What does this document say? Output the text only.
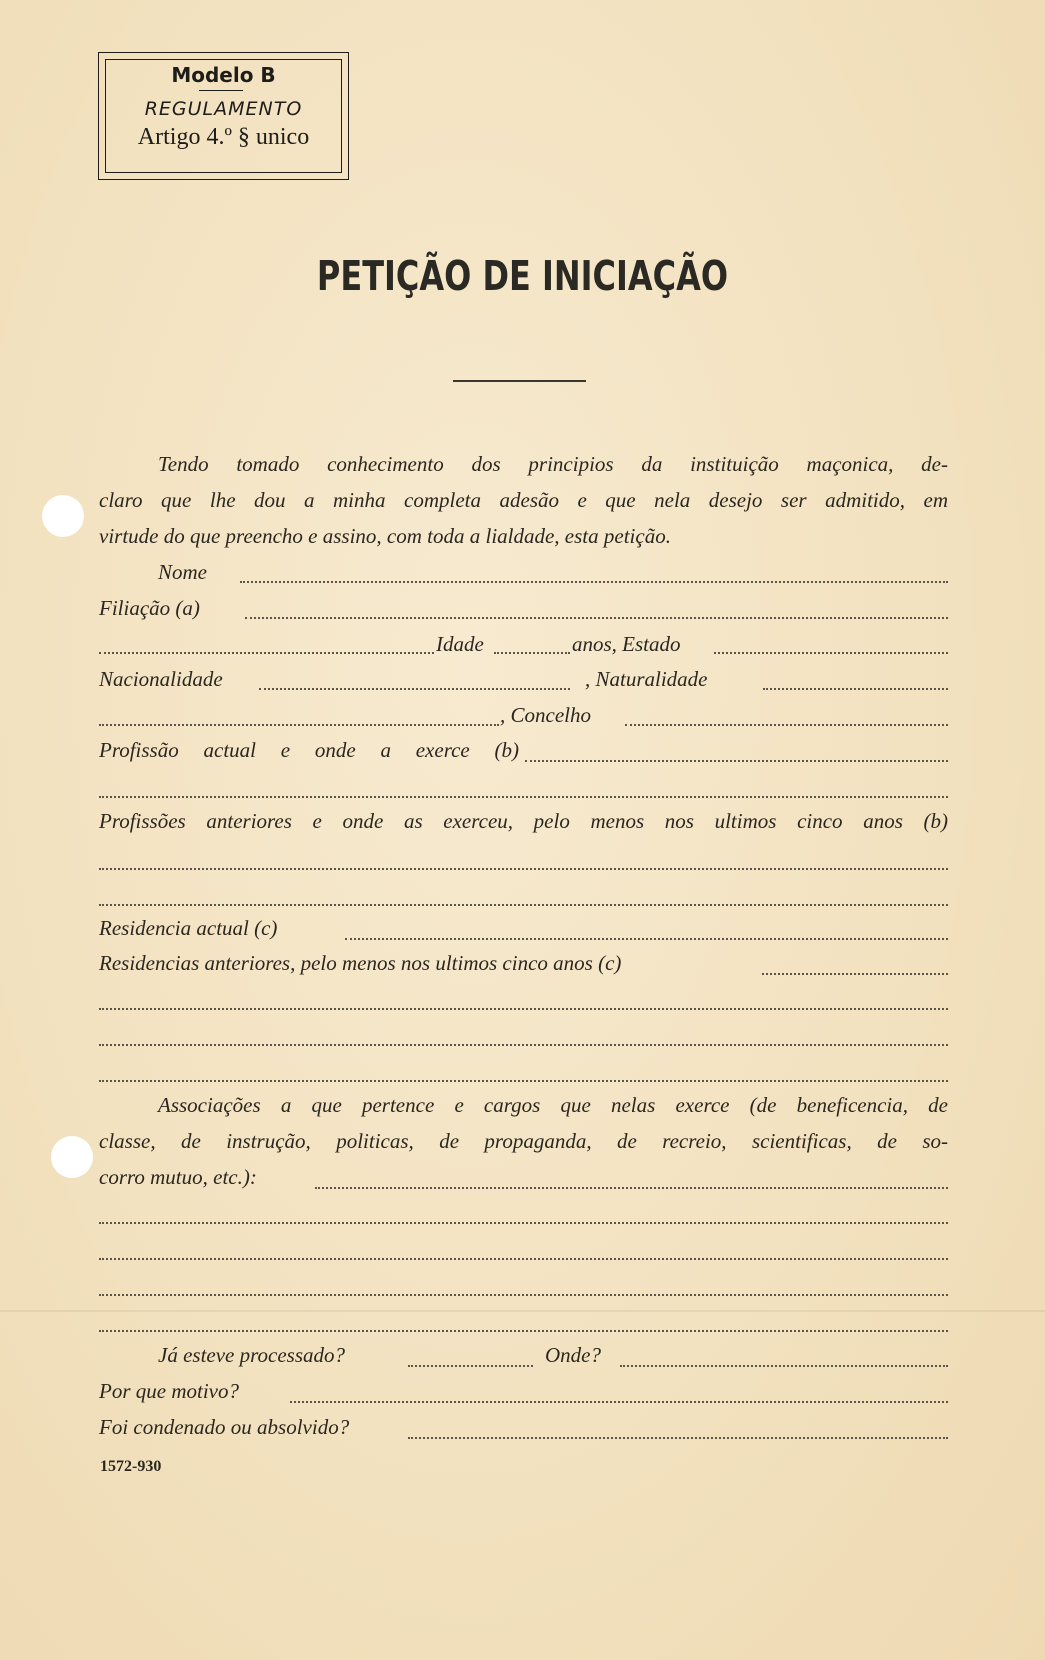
Modelo B
REGULAMENTO
Artigo 4.º § unico
PETIÇÃO DE INICIAÇÃO
Tendo tomado conhecimento dos principios da instituição maçonica, de-
claro que lhe dou a minha completa adesão e que nela desejo ser admitido, em
virtude do que preencho e assino, com toda a lialdade, esta petição.
Nome
Filiação (a)
Idade	anos, Estado
Nacionalidade	, Naturalidade
, Concelho
Profissão actual e onde a exerce (b)
Profissões anteriores e onde as exerceu, pelo menos nos ultimos cinco anos (b)
Residencia actual (c)
Residencias anteriores, pelo menos nos ultimos cinco anos (c)
Associações a que pertence e cargos que nelas exerce (de beneficencia, de
classe, de instrução, politicas, de propaganda, de recreio, scientificas, de so-
corro mutuo, etc.):
Já esteve processado?	Onde?
Por que motivo?
Foi condenado ou absolvido?
1572-930
